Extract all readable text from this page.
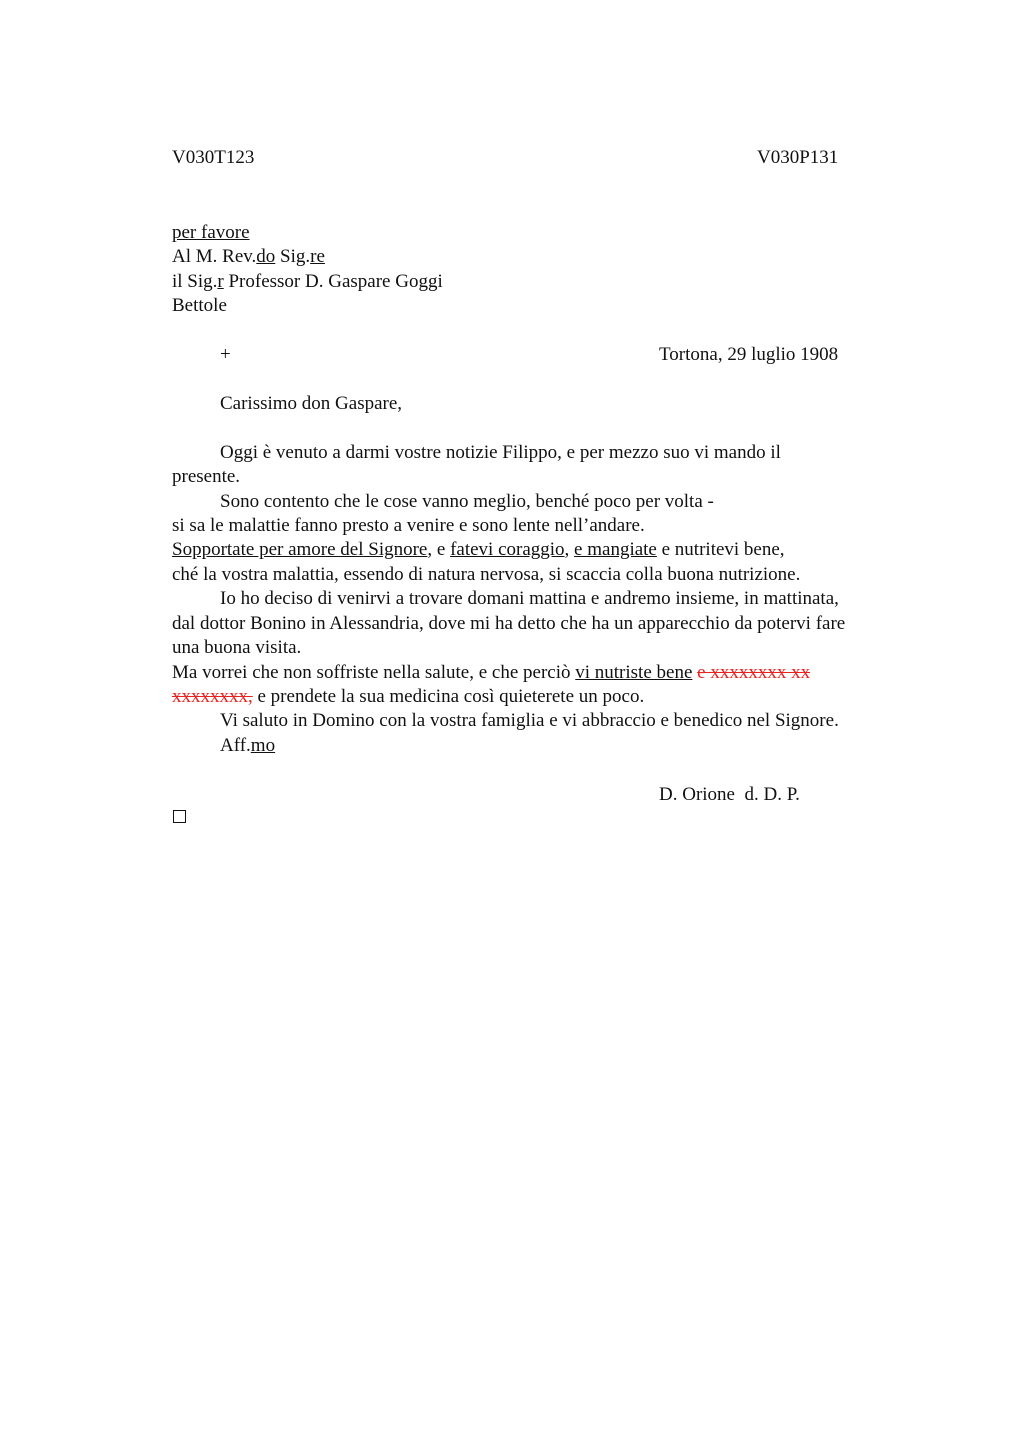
V030T123	V030P131
per favore
Al M. Rev.do Sig.re
il Sig.r Professor D. Gaspare Goggi
Bettole
+	Tortona, 29 luglio 1908
Carissimo don Gaspare,
Oggi è venuto a darmi vostre notizie Filippo, e per mezzo suo vi mando il
presente.
Sono contento che le cose vanno meglio, benché poco per volta -
si sa le malattie fanno presto a venire e sono lente nell’andare.
Sopportate per amore del Signore, e fatevi coraggio, e mangiate e nutritevi bene,
ché la vostra malattia, essendo di natura nervosa, si scaccia colla buona nutrizione.
Io ho deciso di venirvi a trovare domani mattina e andremo insieme, in mattinata,
dal dottor Bonino in Alessandria, dove mi ha detto che ha un apparecchio da potervi fare
una buona visita.
Ma vorrei che non soffriste nella salute, e che perciò vi nutriste bene e xxxxxxxx xx
xxxxxxxx, e prendete la sua medicina così quieterete un poco.
Vi saluto in Domino con la vostra famiglia e vi abbraccio e benedico nel Signore.
Aff.mo
D. Orione  d. D. P.
